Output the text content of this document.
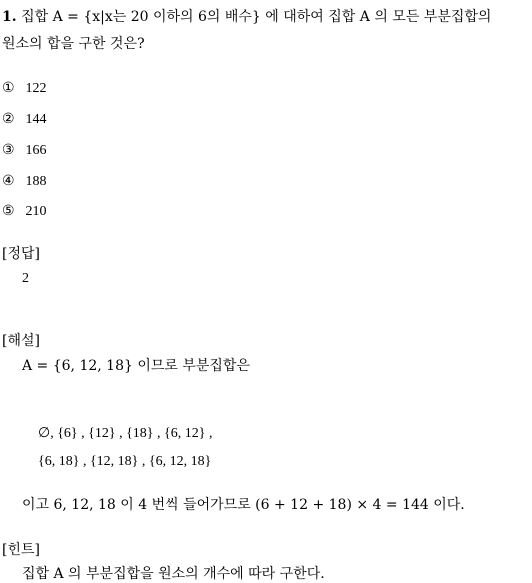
1. 집합 A = {x|x는 20 이하의 6의 배수} 에 대하여 집합 A 의 모든 부분집합의
원소의 합을 구한 것은?
① 122
② 144
③ 166
④ 188
⑤ 210
[정답]
2
[해설]
A = {6, 12, 18} 이므로 부분집합은
∅, {6} , {12} , {18} , {6, 12} ,
{6, 18} , {12, 18} , {6, 12, 18}
이고 6, 12, 18 이 4 번씩 들어가므로 (6 + 12 + 18) × 4 = 144 이다.
[힌트]
집합 A 의 부분집합을 원소의 개수에 따라 구한다.
